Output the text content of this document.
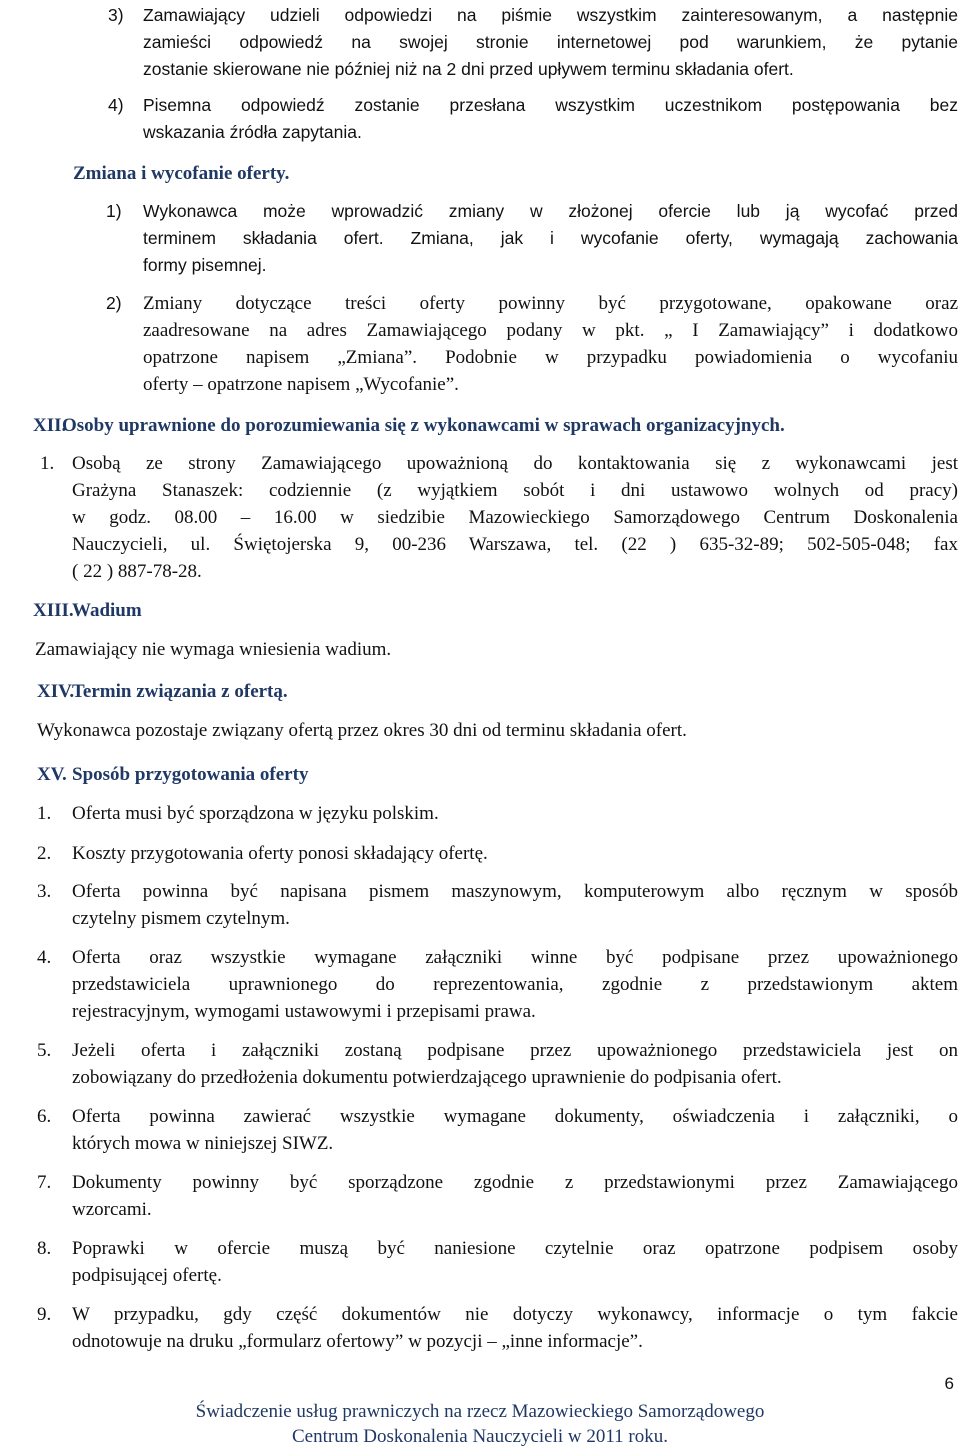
3) Zamawiający udzieli odpowiedzi na piśmie wszystkim zainteresowanym, a następnie
zamieści odpowiedź na swojej stronie internetowej pod warunkiem, że pytanie
zostanie skierowane nie później niż na 2 dni przed upływem terminu składania ofert.
4) Pisemna odpowiedź zostanie przesłana wszystkim uczestnikom postępowania bez
wskazania źródła zapytania.
Zmiana i wycofanie oferty.
1) Wykonawca może wprowadzić zmiany w złożonej ofercie lub ją wycofać przed
terminem składania ofert. Zmiana, jak i wycofanie oferty, wymagają zachowania
formy pisemnej.
2) Zmiany dotyczące treści oferty powinny być przygotowane, opakowane oraz
zaadresowane na adres Zamawiającego podany w pkt. „ I Zamawiający” i dodatkowo
opatrzone napisem „Zmiana”. Podobnie w przypadku powiadomienia o wycofaniu
oferty – opatrzone napisem „Wycofanie”.
XII.
Osoby uprawnione do porozumiewania się z wykonawcami w sprawach organizacyjnych.
1. Osobą ze strony Zamawiającego upoważnioną do kontaktowania się z wykonawcami jest
Grażyna Stanaszek: codziennie (z wyjątkiem sobót i dni ustawowo wolnych od pracy)
w godz. 08.00 – 16.00 w siedzibie Mazowieckiego Samorządowego Centrum Doskonalenia
Nauczycieli, ul. Świętojerska 9, 00-236 Warszawa, tel. (22 ) 635-32-89; 502-505-048; fax
( 22 ) 887-78-28.
XIII.
Wadium
Zamawiający nie wymaga wniesienia wadium.
XIV.
Termin związania z ofertą.
Wykonawca pozostaje związany ofertą przez okres 30 dni od terminu składania ofert.
XV. Sposób przygotowania oferty
1. Oferta musi być sporządzona w języku polskim.
2. Koszty przygotowania oferty ponosi składający ofertę.
3. Oferta powinna być napisana pismem maszynowym, komputerowym albo ręcznym w sposób
czytelny pismem czytelnym.
4. Oferta oraz wszystkie wymagane załączniki winne być podpisane przez upoważnionego
przedstawiciela uprawnionego do reprezentowania, zgodnie z przedstawionym aktem
rejestracyjnym, wymogami ustawowymi i przepisami prawa.
5. Jeżeli oferta i załączniki zostaną podpisane przez upoważnionego przedstawiciela jest on
zobowiązany do przedłożenia dokumentu potwierdzającego uprawnienie do podpisania ofert.
6. Oferta powinna zawierać wszystkie wymagane dokumenty, oświadczenia i załączniki, o
których mowa w niniejszej SIWZ.
7. Dokumenty powinny być sporządzone zgodnie z przedstawionymi przez Zamawiającego
wzorcami.
8. Poprawki w ofercie muszą być naniesione czytelnie oraz opatrzone podpisem osoby
podpisującej ofertę.
9. W przypadku, gdy część dokumentów nie dotyczy wykonawcy, informacje o tym fakcie
odnotowuje na druku „formularz ofertowy” w pozycji – „inne informacje”.
6
Świadczenie usług prawniczych na rzecz Mazowieckiego Samorządowego
Centrum Doskonalenia Nauczycieli w 2011 roku.
